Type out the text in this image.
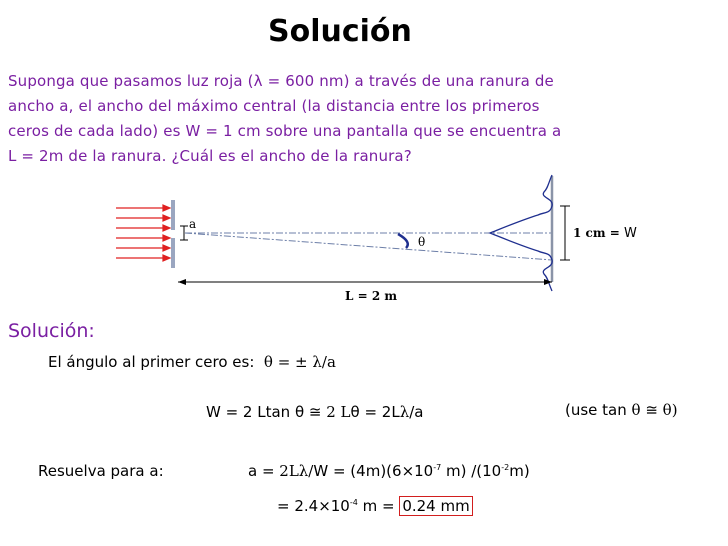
Solución
Suponga que pasamos luz roja (λ = 600 nm) a través de una ranura de
ancho a, el ancho del máximo central (la distancia entre los primeros
ceros de cada lado) es W = 1 cm sobre una pantalla que se encuentra a
L = 2m de la ranura. ¿Cuál es el ancho de la ranura?
a
θ
1 cm = W
L = 2 m
Solución:
El ángulo al primer cero es: θ = ± λ/a
W = 2 Ltan θ ≅ 2 Lθ = 2Lλ/a	(use tan θ ≅ θ)
Resuelva para a:	$a = 2L\lambda/W = (4m)(6\times 10^{-7}$ m) $/(10^{-2}m)$
= $2.4\times 10^{-4}$ m = 0.24 mm
